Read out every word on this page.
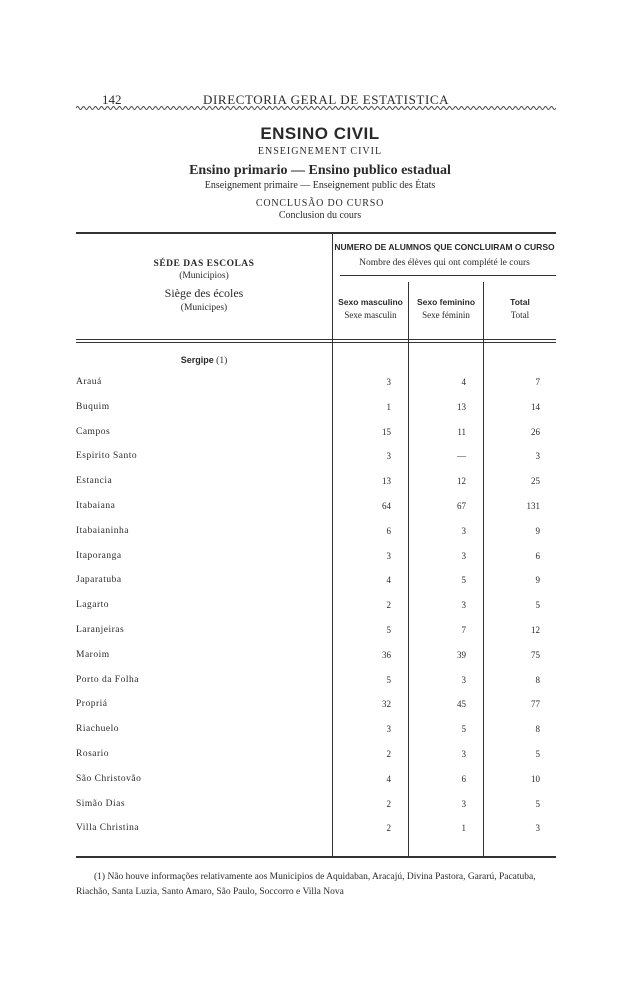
142	DIRECTORIA GERAL DE ESTATISTICA
ENSINO CIVIL
ENSEIGNEMENT CIVIL
Ensino primario — Ensino publico estadual
Enseignement primaire — Enseignement public des États
CONCLUSÃO DO CURSO
Conclusion du cours
SÉDE DAS ESCOLAS
(Municipios)
Siège des écoles
(Municipes)
NUMERO DE ALUMNOS QUE CONCLUIRAM O CURSO
Nombre des élèves qui ont complété le cours
Sexo masculino
Sexe masculin
Sexo feminino
Sexe féminin
Total
Total
Sergipe (1)
Arauá	3	4	7
Buquim	1	13	14
Campos	15	11	26
Espirito Santo	3	—	3
Estancia	13	12	25
Itabaiana	64	67	131
Itabaianinha	6	3	9
Itaporanga	3	3	6
Japaratuba	4	5	9
Lagarto	2	3	5
Laranjeiras	5	7	12
Maroim	36	39	75
Porto da Folha	5	3	8
Propriá	32	45	77
Riachuelo	3	5	8
Rosario	2	3	5
São Christovão	4	6	10
Simão Dias	2	3	5
Villa Christina	2	1	3
(1) Não houve informações relativamente aos Municipios de Aquidaban, Aracajú, Divina Pastora, Gararú, Pacatuba, Riachão, Santa Luzia, Santo Amaro, São Paulo, Soccorro e Villa Nova
